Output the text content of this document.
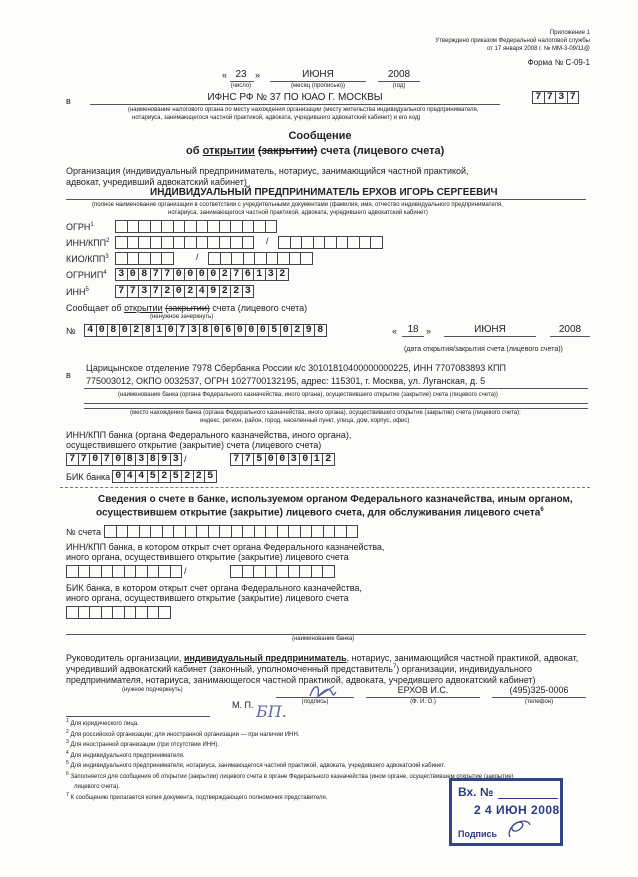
Приложение 1
Утверждено приказом Федеральной налоговой службы
от 17 января 2008 г. № ММ-3-09/11@
Форма № С-09-1
« 23 »	ИЮНЯ	2008
(число)	(месяц (прописью))	(год)
в	ИФНС РФ № 37 ПО ЮАО Г. МОСКВЫ	7 7 3 7
(наименование налогового органа по месту нахождения организации (месту жительства индивидуального предпринимателя,
нотариуса, занимающегося частной практикой, адвоката, учредившего адвокатский кабинет) и его код)
Сообщение
об открытии (закрытии) счета (лицевого счета)
Организация (индивидуальный предприниматель, нотариус, занимающийся частной практикой,
адвокат, учредивший адвокатский кабинет)
ИНДИВИДУАЛЬНЫЙ ПРЕДПРИНИМАТЕЛЬ ЕРХОВ ИГОРЬ СЕРГЕЕВИЧ
(полное наименование организации в соответствии с учредительными документами (фамилия, имя, отчество индивидуального предпринимателя,
нотариуса, занимающегося частной практикой, адвоката, учредившего адвокатский кабинет)
ОГРН$^1$
ИНН/КПП$^2$	/
КИО/КПП$^3$	/
ОГРНИП$^4$	3 0 8 7 7 0 0 0 0 2 7 6 1 3 2
ИНН$^5$	7 7 3 7 2 0 2 4 9 2 2 3
Сообщает об открытии (закрытии) счета (лицевого счета)
(ненужное зачеркнуть)
№	4 0 8 0 2 8 1 0 7 3 8 0 6 0 0 0 5 0 2 9 8	«	18 »	ИЮНЯ	2008
(дата открытия/закрытия счета (лицевого счета))
в
Царицынское отделение 7978 Сбербанка России к/с 30101810400000000225, ИНН 7707083893 КПП
775003012, ОКПО 0032537, ОГРН 1027700132195, адрес: 115301, г. Москва, ул. Луганская, д. 5
(наименование банка (органа Федерального казначейства, иного органа), осуществившего открытие (закрытие) счета (лицевого счета))
(место нахождения банка (органа Федерального казначейства, иного органа), осуществившего открытие (закрытие) счета (лицевого счета):
индекс, регион, район, город, населенный пункт, улица, дом, корпус, офис)
ИНН/КПП банка (органа Федерального казначейства, иного органа),
осуществившего открытие (закрытие) счета (лицевого счета)
7 7 0 7 0 8 3 8 9 3 /	7 7 5 0 0 3 0 1 2
БИК банка 0 4 4 5 2 5 2 2 5
Сведения о счете в банке, используемом органом Федерального казначейства, иным органом,
осуществившем открытие (закрытие) лицевого счета, для обслуживания лицевого счета$^6$
№ счета
ИНН/КПП банка, в котором открыт счет органа Федерального казначейства,
иного органа, осуществившего открытие (закрытие) лицевого счета
/
БИК банка, в котором открыт счет органа Федерального казначейства,
иного органа, осуществившего открытие (закрытие) лицевого счета
(наименование банка)
Руководитель организации, индивидуальный предприниматель, нотариус, занимающийся частной практикой, адвокат,
учредивший адвокатский кабинет (законный, уполномоченный представитель$^7$) организации, индивидуального
предпринимателя, нотариуса, занимающегося частной практикой, адвоката, учредившего адвокатский кабинет)
(нужное подчеркнуть)
М. П.	(подпись)
ЕРХОВ И.С.
(Ф. И. О.)
(495)325-0006
(телефон)
БП.
$^1$ Для юридического лица.
$^2$ Для российской организации; для иностранной организации — при наличии ИНН.
$^3$ Для иностранной организации (при отсутствии ИНН).
$^4$ Для индивидуального предпринимателя.
$^5$ Для индивидуального предпринимателя, нотариуса, занимающегося частной практикой, адвоката, учредившего адвокатский кабинет.
$^6$ Заполняется для сообщения об открытии (закрытии) лицевого счета в органе Федерального казначейства (ином органе, осуществившем открытие (закрытие)
лицевого счета).
$^7$ К сообщению прилагается копия документа, подтверждающего полномочия представителя.	Вх. №
2 4 ИЮН 2008
Подпись
